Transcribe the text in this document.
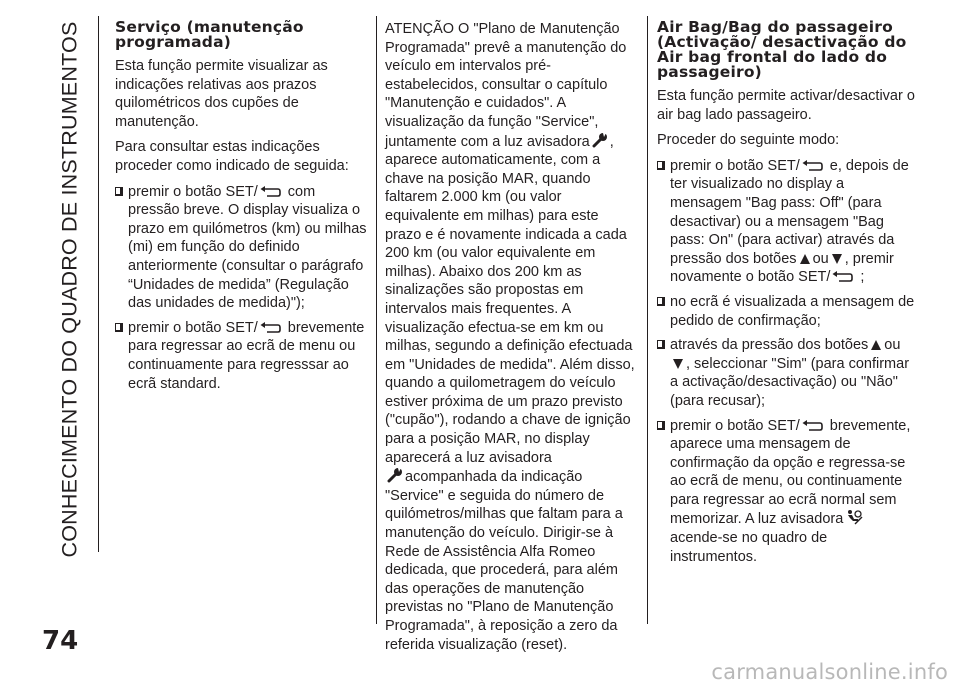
CONHECIMENTO DO QUADRO DE INSTRUMENTOS Serviço (manutenção programada)

Esta função permite visualizar as indicações relativas aos prazos quilométricos dos cupões de manutenção.

Para consultar estas indicações proceder como indicado de seguida:

premir o botão SET/ com pressão breve. O display visualiza o prazo em quilómetros (km) ou milhas (mi) em função do definido anteriormente (consultar o parágrafo “Unidades de medida” (Regulação das unidades de medida)");
premir o botão SET/ brevemente para regressar ao ecrã de menu ou continuamente para regresssar ao ecrã standard.

ATENÇÃO O "Plano de Manutenção Programada" prevê a manutenção do veículo em intervalos pré-estabelecidos, consultar o capítulo "Manutenção e cuidados". A visualização da função "Service", juntamente com a luz avisadora , aparece automaticamente, com a chave na posição MAR, quando faltarem 2.000 km (ou valor equivalente em milhas) para este prazo e é novamente indicada a cada 200 km (ou valor equivalente em milhas). Abaixo dos 200 km as sinalizações são propostas em intervalos mais frequentes. A visualização efectua-se em km ou milhas, segundo a definição efectuada em "Unidades de medida". Além disso, quando a quilometragem do veículo estiver próxima de um prazo previsto ("cupão"), rodando a chave de ignição para a posição MAR, no display aparecerá a luz avisadora
acompanhada da indicação "Service" e seguida do número de quilómetros/milhas que faltam para a manutenção do veículo. Dirigir-se à Rede de Assistência Alfa Romeo dedicada, que procederá, para além das operações de manutenção previstas no "Plano de Manutenção Programada", à reposição a zero da referida visualização (reset).

Air Bag/Bag do passageiro (Activação/ desactivação do Air bag frontal do lado do passageiro)

Esta função permite activar/desactivar o air bag lado passageiro.

Proceder do seguinte modo:

premir o botão SET/ e, depois de ter visualizado no display a mensagem "Bag pass: Off" (para desactivar) ou a mensagem "Bag pass: On" (para activar) através da pressão dos botões ou , premir novamente o botão SET/ ;
no ecrã é visualizada a mensagem de pedido de confirmação;
através da pressão dos botões ou
, seleccionar "Sim" (para confirmar a activação/desactivação) ou "Não" (para recusar);
premir o botão SET/ brevemente, aparece uma mensagem de confirmação da opção e regressa-se ao ecrã de menu, ou continuamente para regressar ao ecrã normal sem memorizar. A luz avisadoraacende-se no quadro de instrumentos.
74
carmanualsonline.info
